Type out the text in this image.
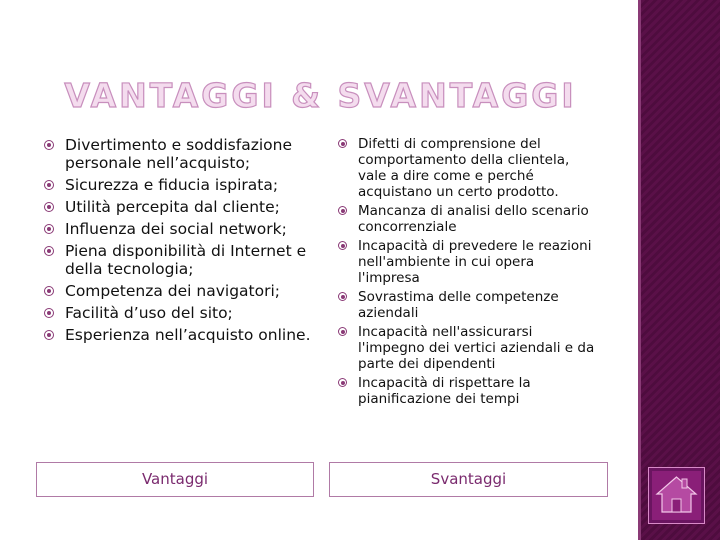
VANTAGGI & SVANTAGGI
Divertimento e soddisfazione personale nell’acquisto;
Sicurezza e fiducia ispirata;
Utilità percepita dal cliente;
Influenza dei social network;
Piena disponibilità di Internet e della tecnologia;
Competenza dei navigatori;
Facilità d’uso del sito;
Esperienza nell’acquisto online.
Difetti di comprensione del comportamento della clientela, vale a dire come e perché acquistano un certo prodotto.
Mancanza di analisi dello scenario concorrenziale
Incapacità di prevedere le reazioni nell'ambiente in cui opera l'impresa
Sovrastima delle competenze aziendali
Incapacità nell'assicurarsi l'impegno dei vertici aziendali e da parte dei dipendenti
Incapacità di rispettare la pianificazione dei tempi
Vantaggi	Svantaggi
